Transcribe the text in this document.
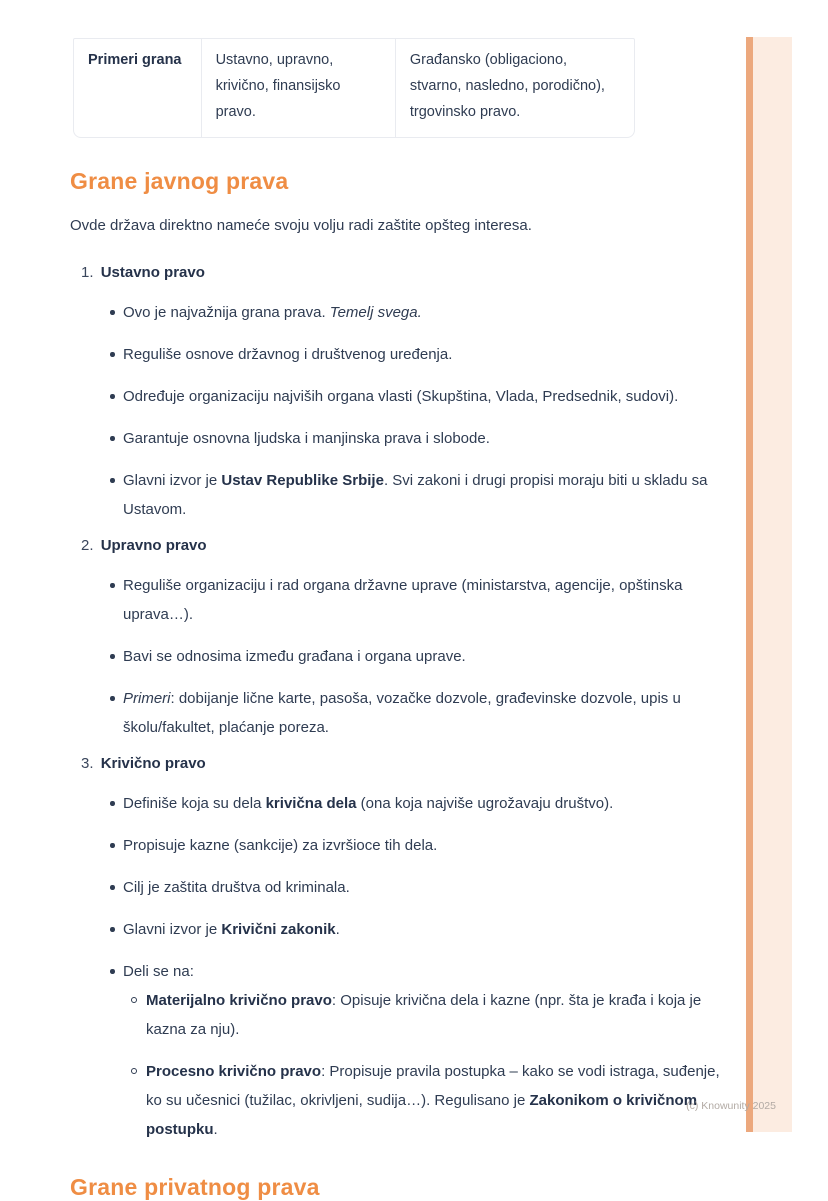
(c) Knowunity 2025
Primeri grana	Ustavno, upravno, krivično, finansijsko pravo.
Građansko (obligaciono, stvarno, nasledno, porodično), trgovinsko pravo.
Grane javnog prava

Ovde država direktno nameće svoju volju radi zaštite opšteg interesa.

1. Ustavno pravo
Ovo je najvažnija grana prava. Temelj svega.
Reguliše osnove državnog i društvenog uređenja.
Određuje organizaciju najviših organa vlasti (Skupština, Vlada, Predsednik, sudovi).
Garantuje osnovna ljudska i manjinska prava i slobode.
Glavni izvor je Ustav Republike Srbije. Svi zakoni i drugi propisi moraju biti u skladu sa Ustavom.
2. Upravno pravo
Reguliše organizaciju i rad organa državne uprave (ministarstva, agencije, opštinska uprava…).
Bavi se odnosima između građana i organa uprave.
Primeri: dobijanje lične karte, pasoša, vozačke dozvole, građevinske dozvole, upis u školu/fakultet, plaćanje poreza.
3. Krivično pravo
Definiše koja su dela krivična dela (ona koja najviše ugrožavaju društvo).
Propisuje kazne (sankcije) za izvršioce tih dela.
Cilj je zaštita društva od kriminala.
Glavni izvor je Krivični zakonik.
Deli se na:
Materijalno krivično pravo: Opisuje krivična dela i kazne (npr. šta je krađa i koja je kazna za nju).
Procesno krivično pravo: Propisuje pravila postupka – kako se vodi istraga, suđenje, ko su učesnici (tužilac, okrivljeni, sudija…). Regulisano je Zakonikom o krivičnom postupku.
Grane privatnog prava
